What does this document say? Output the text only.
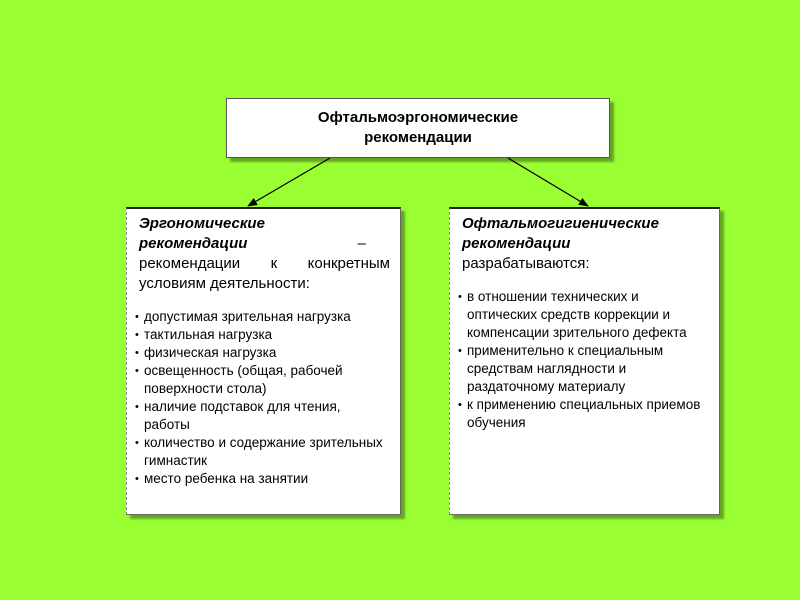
Офтальмоэргономические
рекомендации
Эргономические
рекомендации	–
рекомендации к конкретным
условиям деятельности:
• допустимая зрительная нагрузка
• тактильная нагрузка
• физическая нагрузка
• освещенность (общая, рабочей поверхности стола)
• наличие подставок для чтения, работы
• количество и содержание зрительных гимнастик
• место ребенка на занятии
Офтальмогигиенические
рекомендации
разрабатываются:
• в отношении технических и оптических средств коррекции и компенсации зрительного дефекта
• применительно к специальным средствам наглядности и раздаточному материалу
• к применению специальных приемов обучения
